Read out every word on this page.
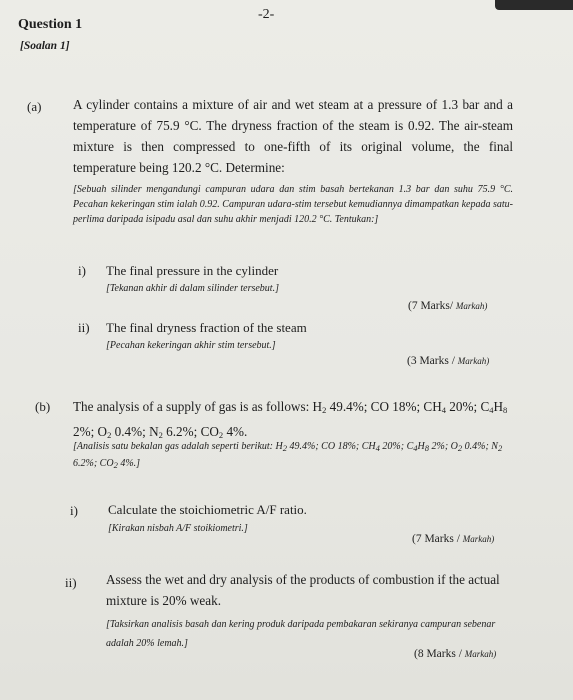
-2-
Question 1
[Soalan 1]
(a) A cylinder contains a mixture of air and wet steam at a pressure of 1.3 bar and a temperature of 75.9 °C. The dryness fraction of the steam is 0.92. The air-steam mixture is then compressed to one-fifth of its original volume, the final temperature being 120.2 °C. Determine:
[Sebuah silinder mengandungi campuran udara dan stim basah bertekanan 1.3 bar dan suhu 75.9 °C. Pecahan kekeringan stim ialah 0.92. Campuran udara-stim tersebut kemudiannya dimampatkan kepada satu-perlima daripada isipadu asal dan suhu akhir menjadi 120.2 °C. Tentukan:]
i) The final pressure in the cylinder
[Tekanan akhir di dalam silinder tersebut.]
(7 Marks/ Markah)
ii) The final dryness fraction of the steam
[Pecahan kekeringan akhir stim tersebut.]
(3 Marks / Markah)
(b) The analysis of a supply of gas is as follows: $H_2$ 49.4%; CO 18%; $CH_4$ 20%; $C_4H_8$ 2%; $O_2$ 0.4%; $N_2$ 6.2%; $CO_2$ 4%.
[Analisis satu bekalan gas adalah seperti berikut: $H_2$ 49.4%; CO 18%; $CH_4$ 20%; $C_4H_8$ 2%; $O_2$ 0.4%; $N_2$ 6.2%; $CO_2$ 4%.]
i) Calculate the stoichiometric A/F ratio.
[Kirakan nisbah A/F stoikiometri.]
(7 Marks / Markah)
ii) Assess the wet and dry analysis of the products of combustion if the actual mixture is 20% weak.
[Taksirkan analisis basah dan kering produk daripada pembakaran sekiranya campuran sebenar adalah 20% lemah.]
(8 Marks / Markah)
